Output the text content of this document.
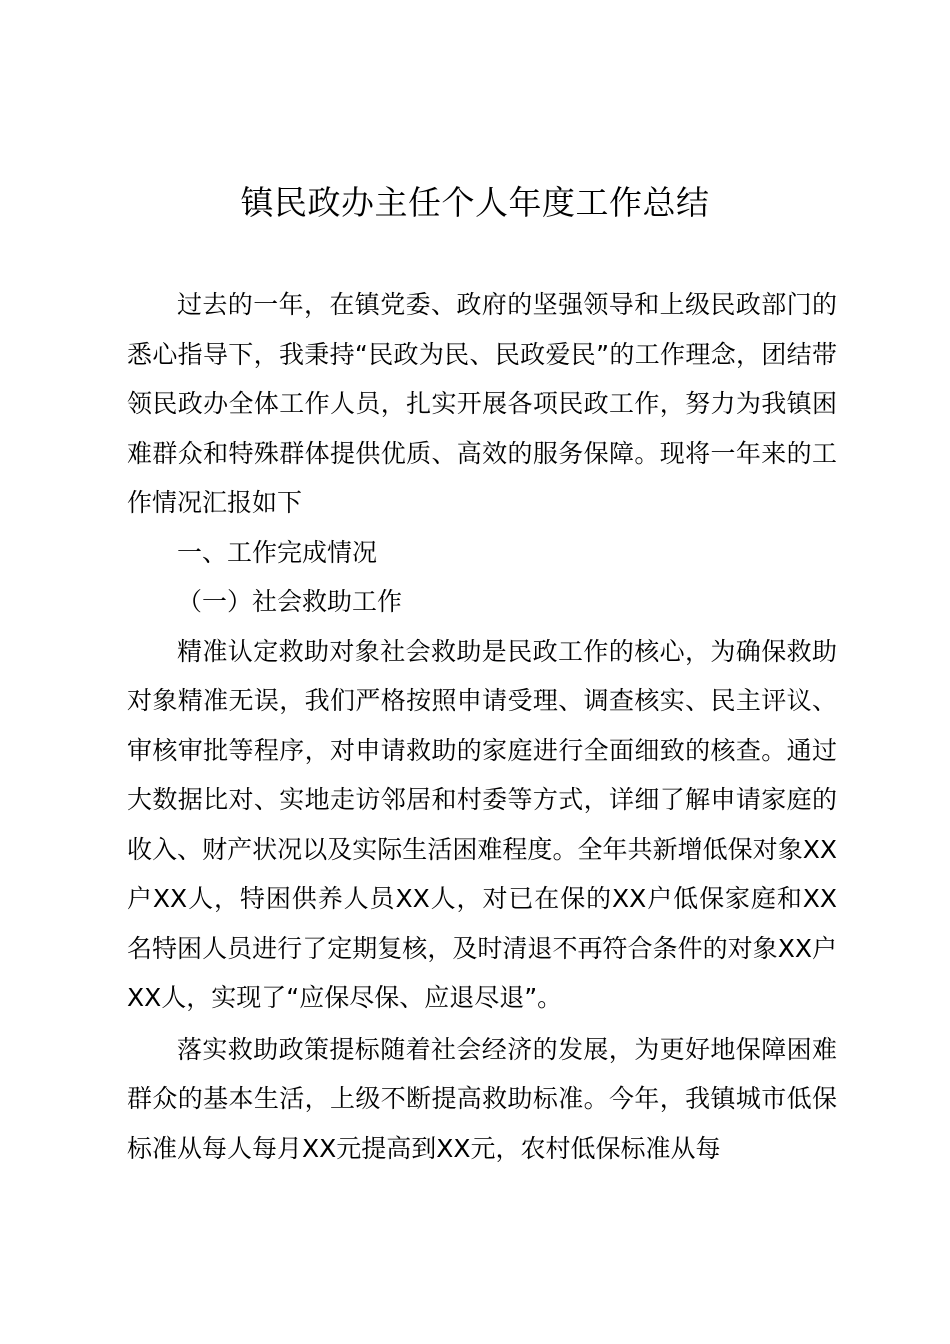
镇民政办主任个人年度工作总结

过去的一年，在镇党委、政府的坚强领导和上级民政部门的悉心指导下，我秉持“民政为民、民政爱民”的工作理念，团结带领民政办全体工作人员，扎实开展各项民政工作，努力为我镇困难群众和特殊群体提供优质、高效的服务保障。现将一年来的工作情况汇报如下

一、工作完成情况

（一）社会救助工作

精准认定救助对象社会救助是民政工作的核心，为确保救助对象精准无误，我们严格按照申请受理、调查核实、民主评议、审核审批等程序，对申请救助的家庭进行全面细致的核查。通过大数据比对、实地走访邻居和村委等方式，详细了解申请家庭的收入、财产状况以及实际生活困难程度。全年共新增低保对象XX户XX人，特困供养人员XX人，对已在保的XX户低保家庭和XX名特困人员进行了定期复核，及时清退不再符合条件的对象XX户XX人，实现了“应保尽保、应退尽退”。

落实救助政策提标随着社会经济的发展，为更好地保障困难群众的基本生活，上级不断提高救助标准。今年，我镇城市低保标准从每人每月XX元提高到XX元，农村低保标准从每
